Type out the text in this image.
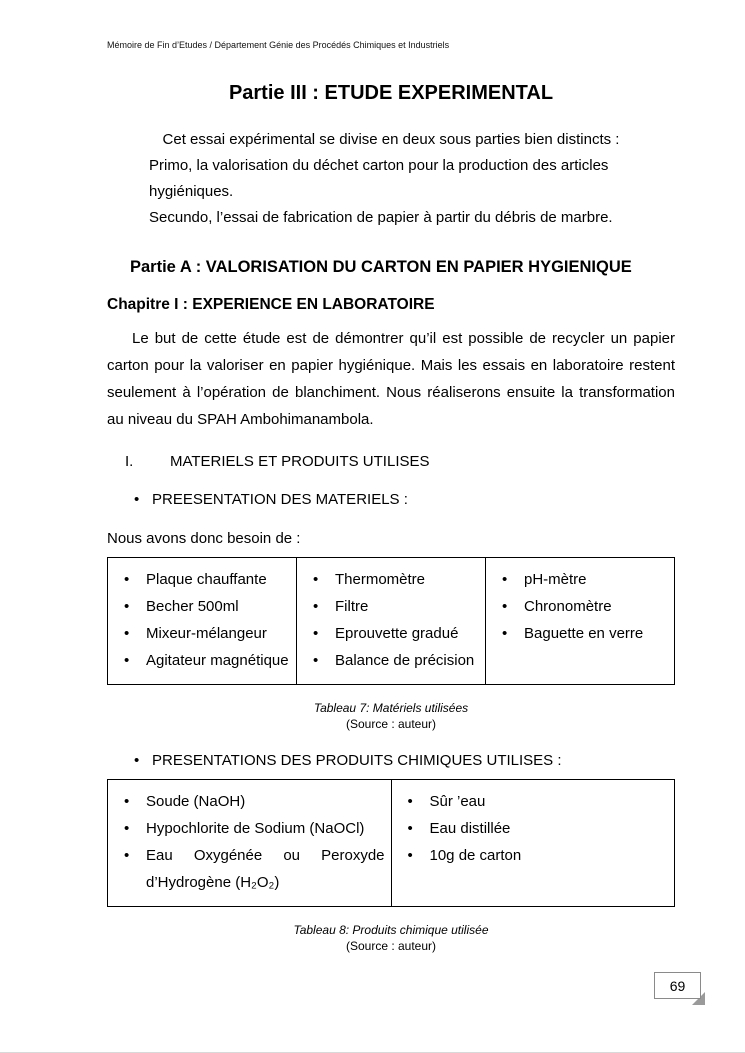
Mémoire de Fin d’Etudes / Département Génie des Procédés Chimiques et Industriels
Partie III : ETUDE EXPERIMENTAL

Cet essai expérimental se divise en deux sous parties bien distincts :

Primo, la valorisation du déchet carton pour la production des articles hygiéniques.

Secundo, l’essai de fabrication de papier à partir du débris de marbre.

Partie A : VALORISATION DU CARTON EN PAPIER HYGIENIQUE
Chapitre I : EXPERIENCE EN LABORATOIRE

Le but de cette étude est de démontrer qu’il est possible de recycler un papier carton pour la valoriser en papier hygiénique. Mais les essais en laboratoire restent seulement à l’opération de blanchiment. Nous réaliserons ensuite la transformation au niveau du SPAH Ambohimanambola.

I.	MATERIELS ET PRODUITS UTILISES
• PREESENTATION DES MATERIELS :

Nous avons donc besoin de :

• Plaque chauffante
• Becher 500ml
• Mixeur-mélangeur
• Agitateur magnétique

• Thermomètre
• Filtre
• Eprouvette gradué
• Balance de précision

• pH-mètre
• Chronomètre
• Baguette en verre
Tableau 7: Matériels utilisées
(Source : auteur)
• PRESENTATIONS DES PRODUITS CHIMIQUES UTILISES :
• Soude (NaOH)
• Hypochlorite de Sodium (NaOCl)
• Eau Oxygénée ou Peroxyde d’Hydrogène (H₂O₂)

• Sûr ’eau
• Eau distillée
• 10g de carton
Tableau 8: Produits chimique utilisée
(Source : auteur)
69
